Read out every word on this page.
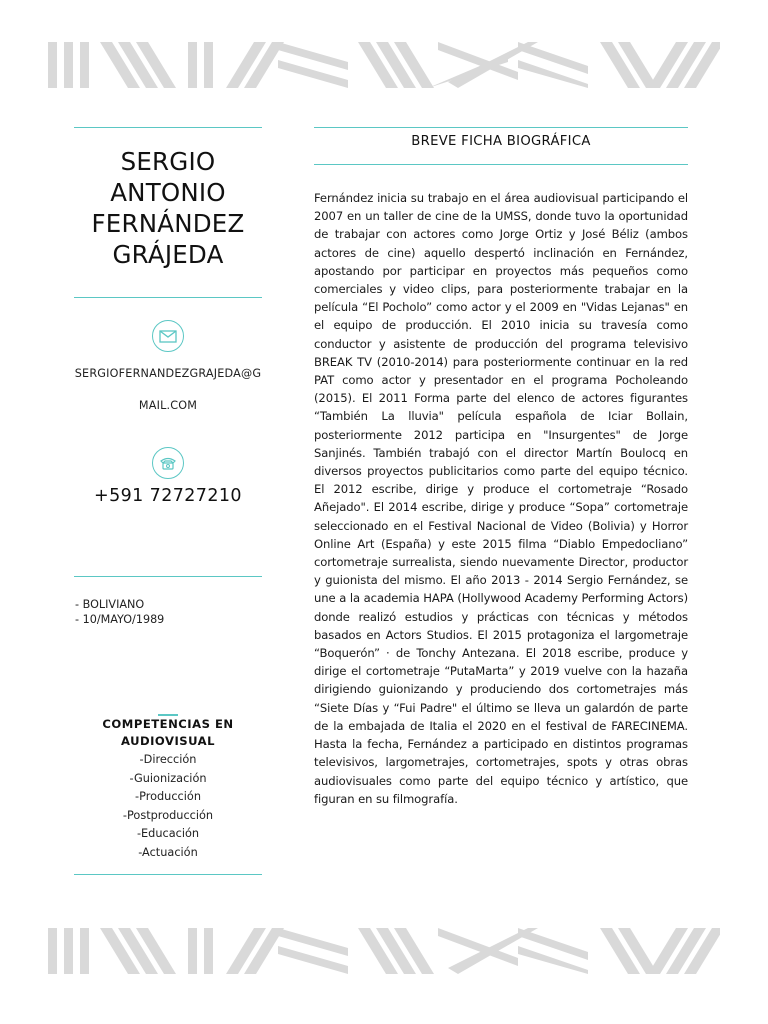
SERGIO
ANTONIO
FERNÁNDEZ
GRÁJEDA
SERGIOFERNANDEZGRAJEDA@GMAIL.COM
+591 72727210
- BOLIVIANO
- 10/MAYO/1989
COMPETENCIAS EN
AUDIOVISUAL
-Dirección
-Guionización
-Producción
-Postproducción
-Educación
-Actuación
BREVE FICHA BIOGRÁFICA

Fernández inicia su trabajo en el área audiovisual participando el 2007 en un taller de cine de la UMSS, donde tuvo la oportunidad de trabajar con actores como Jorge Ortiz y José Béliz (ambos actores de cine) aquello despertó inclinación en Fernández, apostando por participar en proyectos más pequeños como comerciales y video clips, para posteriormente trabajar en la película “El Pocholo” como actor y el 2009 en "Vidas Lejanas" en el equipo de producción. El 2010 inicia su travesía como conductor y asistente de producción del programa televisivo BREAK TV (2010-2014) para posteriormente continuar en la red PAT como actor y presentador en el programa Pocholeando (2015). El 2011 Forma parte del elenco de actores figurantes “También La lluvia" película española de Iciar Bollain, posteriormente 2012 participa en "Insurgentes" de Jorge Sanjinés. También trabajó con el director Martín Boulocq en diversos proyectos publicitarios como parte del equipo técnico. El 2012 escribe, dirige y produce el cortometraje “Rosado Añejado". El 2014 escribe, dirige y produce “Sopa” cortometraje seleccionado en el Festival Nacional de Video (Bolivia) y Horror Online Art (España) y este 2015 filma “Diablo Empedocliano” cortometraje surrealista, siendo nuevamente Director, productor y guionista del mismo. El año 2013 - 2014 Sergio Fernández, se une a la academia HAPA (Hollywood Academy Performing Actors) donde realizó estudios y prácticas con técnicas y métodos basados en Actors Studios. El 2015 protagoniza el largometraje “Boquerón” · de Tonchy Antezana. El 2018 escribe, produce y dirige el cortometraje “PutaMarta” y 2019 vuelve con la hazaña dirigiendo guionizando y produciendo dos cortometrajes más “Siete Días y “Fui Padre" el último se lleva un galardón de parte de la embajada de Italia el 2020 en el festival de FARECINEMA. Hasta la fecha, Fernández a participado en distintos programas televisivos, largometrajes, cortometrajes, spots y otras obras audiovisuales como parte del equipo técnico y artístico, que figuran en su filmografía.
